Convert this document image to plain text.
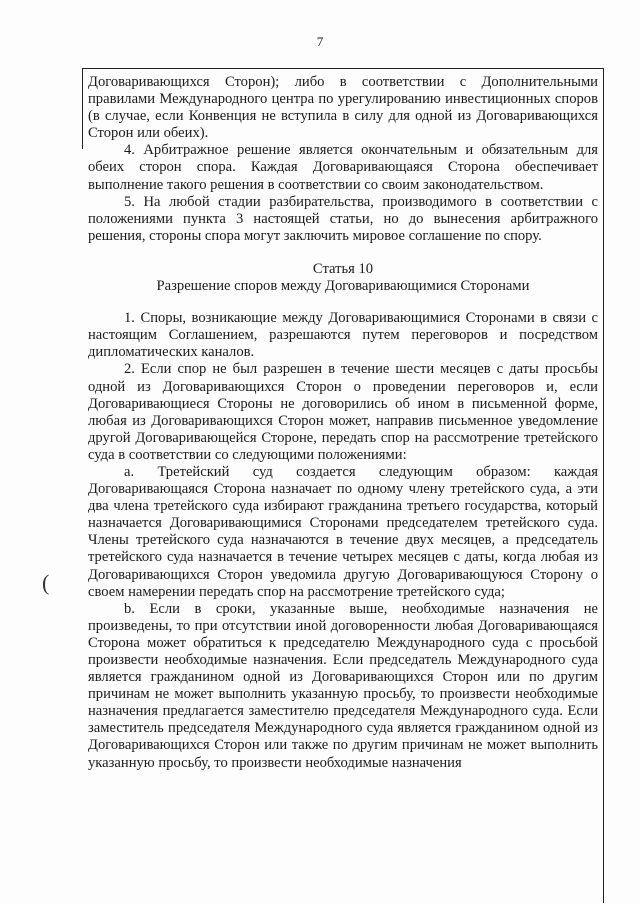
7
(

Договаривающихся Сторон); либо в соответствии с Дополнительными правилами Международного центра по урегулированию инвестиционных споров (в случае, если Конвенция не вступила в силу для одной из Договаривающихся Сторон или обеих).

4. Арбитражное решение является окончательным и обязательным для обеих сторон спора. Каждая Договаривающаяся Сторона обеспечивает выполнение такого решения в соответствии со своим законодательством.

5. На любой стадии разбирательства, производимого в соответствии с положениями пункта 3 настоящей статьи, но до вынесения арбитражного решения, стороны спора могут заключить мировое соглашение по спору.

Статья 10

Разрешение споров между Договаривающимися Сторонами

1. Споры, возникающие между Договаривающимися Сторонами в связи с настоящим Соглашением, разрешаются путем переговоров и посредством дипломатических каналов.

2. Если спор не был разрешен в течение шести месяцев с даты просьбы одной из Договаривающихся Сторон о проведении переговоров и, если Договаривающиеся Стороны не договорились об ином в письменной форме, любая из Договаривающихся Сторон может, направив письменное уведомление другой Договаривающейся Стороне, передать спор на рассмотрение третейского суда в соответствии со следующими положениями:

а. Третейский суд создается следующим образом: каждая Договаривающаяся Сторона назначает по одному члену третейского суда, а эти два члена третейского суда избирают гражданина третьего государства, который назначается Договаривающимися Сторонами председателем третейского суда. Члены третейского суда назначаются в течение двух месяцев, а председатель третейского суда назначается в течение четырех месяцев с даты, когда любая из Договаривающихся Сторон уведомила другую Договаривающуюся Сторону о своем намерении передать спор на рассмотрение третейского суда;

b. Если в сроки, указанные выше, необходимые назначения не произведены, то при отсутствии иной договоренности любая Договаривающаяся Сторона может обратиться к председателю Международного суда с просьбой произвести необходимые назначения. Если председатель Международного суда является гражданином одной из Договаривающихся Сторон или по другим причинам не может выполнить указанную просьбу, то произвести необходимые назначения предлагается заместителю председателя Международного суда. Если заместитель председателя Международного суда является гражданином одной из Договаривающихся Сторон или также по другим причинам не может выполнить указанную просьбу, то произвести необходимые назначения
